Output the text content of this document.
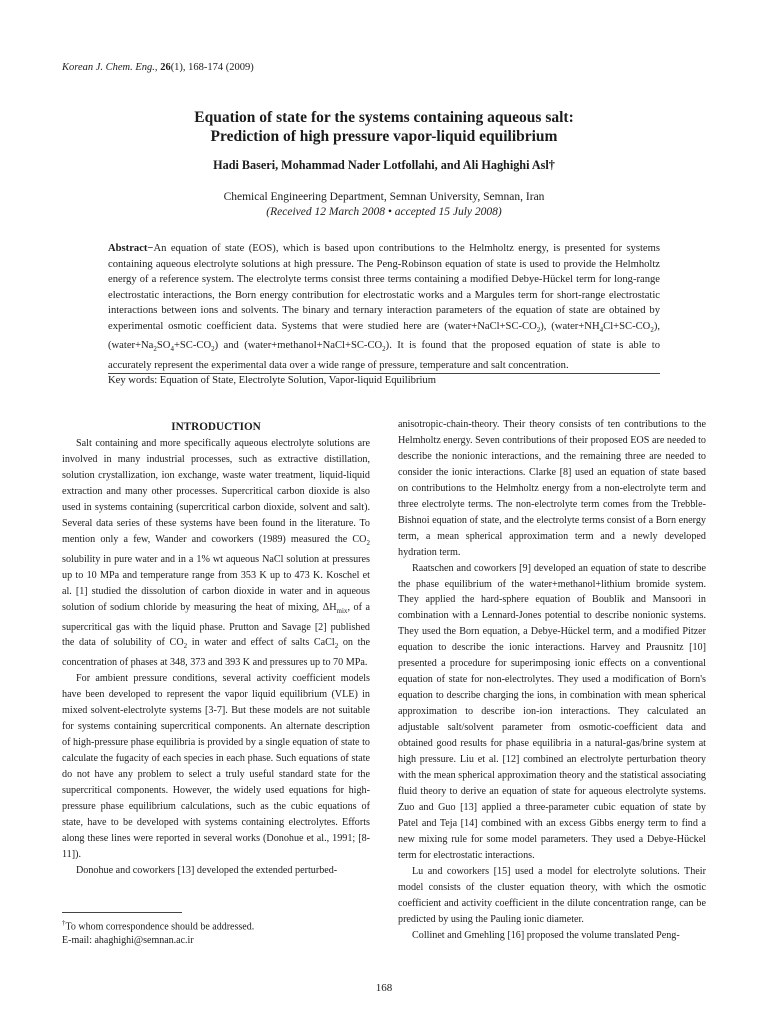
Korean J. Chem. Eng., 26(1), 168-174 (2009)
Equation of state for the systems containing aqueous salt:
Prediction of high pressure vapor-liquid equilibrium
Hadi Baseri, Mohammad Nader Lotfollahi, and Ali Haghighi Asl†
Chemical Engineering Department, Semnan University, Semnan, Iran
(Received 12 March 2008 • accepted 15 July 2008)

Abstract−An equation of state (EOS), which is based upon contributions to the Helmholtz energy, is presented for systems containing aqueous electrolyte solutions at high pressure. The Peng-Robinson equation of state is used to provide the Helmholtz energy of a reference system. The electrolyte terms consist three terms containing a modified Debye-Hückel term for long-range electrostatic interactions, the Born energy contribution for electrostatic works and a Margules term for short-range electrostatic interactions between ions and solvents. The binary and ternary interaction parameters of the equation of state are obtained by experimental osmotic coefficient data. Systems that were studied here are $(water+NaCl+SC-CO_2)$, $(water+NH_4Cl+SC-CO_2)$, $(water+Na_2SO_4+SC-CO_2)$ and $(water+methanol+NaCl+SC-CO_2)$. It is found that the proposed equation of state is able to accurately represent the experimental data over a wide range of pressure, temperature and salt concentration.

Key words: Equation of State, Electrolyte Solution, Vapor-liquid Equilibrium

INTRODUCTION

Salt containing and more specifically aqueous electrolyte solutions are involved in many industrial processes, such as extractive distillation, solution crystallization, ion exchange, waste water treatment, liquid-liquid extraction and many other processes. Supercritical carbon dioxide is also used in systems containing (supercritical carbon dioxide, solvent and salt). Several data series of these systems have been found in the literature. To mention only a few, Wander and coworkers (1989) measured the $CO_2$ solubility in pure water and in a 1% wt aqueous NaCl solution at pressures up to 10 MPa and temperature range from 353 K up to 473 K. Koschel et al. [1] studied the dissolution of carbon dioxide in water and in aqueous solution of sodium chloride by measuring the heat of mixing, $\Delta H_{mix}$, of a supercritical gas with the liquid phase. Prutton and Savage [2] published the data of solubility of $CO_2$ in water and effect of salts CaCl$_2$ on the concentration of phases at 348, 373 and 393 K and pressures up to 70 MPa.

For ambient pressure conditions, several activity coefficient models have been developed to represent the vapor liquid equilibrium (VLE) in mixed solvent-electrolyte systems [3-7]. But these models are not suitable for systems containing supercritical components. An alternate description of high-pressure phase equilibria is provided by a single equation of state to calculate the fugacity of each species in each phase. Such equations of state do not have any problem to select a truly useful standard state for the supercritical components. However, the widely used equations for high-pressure phase equilibrium calculations, such as the cubic equations of state, have to be developed with systems containing electrolytes. Efforts along these lines were reported in several works (Donohue et al., 1991; [8-11]).

Donohue and coworkers [13] developed the extended perturbed-

anisotropic-chain-theory. Their theory consists of ten contributions to the Helmholtz energy. Seven contributions of their proposed EOS are needed to describe the nonionic interactions, and the remaining three are needed to consider the ionic interactions. Clarke [8] used an equation of state based on contributions to the Helmholtz energy from a non-electrolyte term and three electrolyte terms. The non-electrolyte term comes from the Trebble-Bishnoi equation of state, and the electrolyte terms consist of a Born energy term, a mean spherical approximation term and a newly developed hydration term.

Raatschen and coworkers [9] developed an equation of state to describe the phase equilibrium of the water+methanol+lithium bromide system. They applied the hard-sphere equation of Boublik and Mansoori in combination with a Lennard-Jones potential to describe nonionic systems. They used the Born equation, a Debye-Hückel term, and a modified Pitzer equation to describe the ionic interactions. Harvey and Prausnitz [10] presented a procedure for superimposing ionic effects on a conventional equation of state for non-electrolytes. They used a modification of Born's equation to describe charging the ions, in combination with mean spherical approximation to describe ion-ion interactions. They calculated an adjustable salt/solvent parameter from osmotic-coefficient data and obtained good results for phase equilibria in a natural-gas/brine system at high pressure. Liu et al. [12] combined an electrolyte perturbation theory with the mean spherical approximation theory and the statistical associating fluid theory to derive an equation of state for aqueous electrolyte systems. Zuo and Guo [13] applied a three-parameter cubic equation of state by Patel and Teja [14] combined with an excess Gibbs energy term to find a new mixing rule for some model parameters. They used a Debye-Hückel term for electrostatic interactions.

Lu and coworkers [15] used a model for electrolyte solutions. Their model consists of the cluster equation theory, with which the osmotic coefficient and activity coefficient in the dilute concentration range, can be predicted by using the Pauling ionic diameter.

Collinet and Gmehling [16] proposed the volume translated Peng-

†To whom correspondence should be addressed.
E-mail: ahaghighi@semnan.ac.ir
168
